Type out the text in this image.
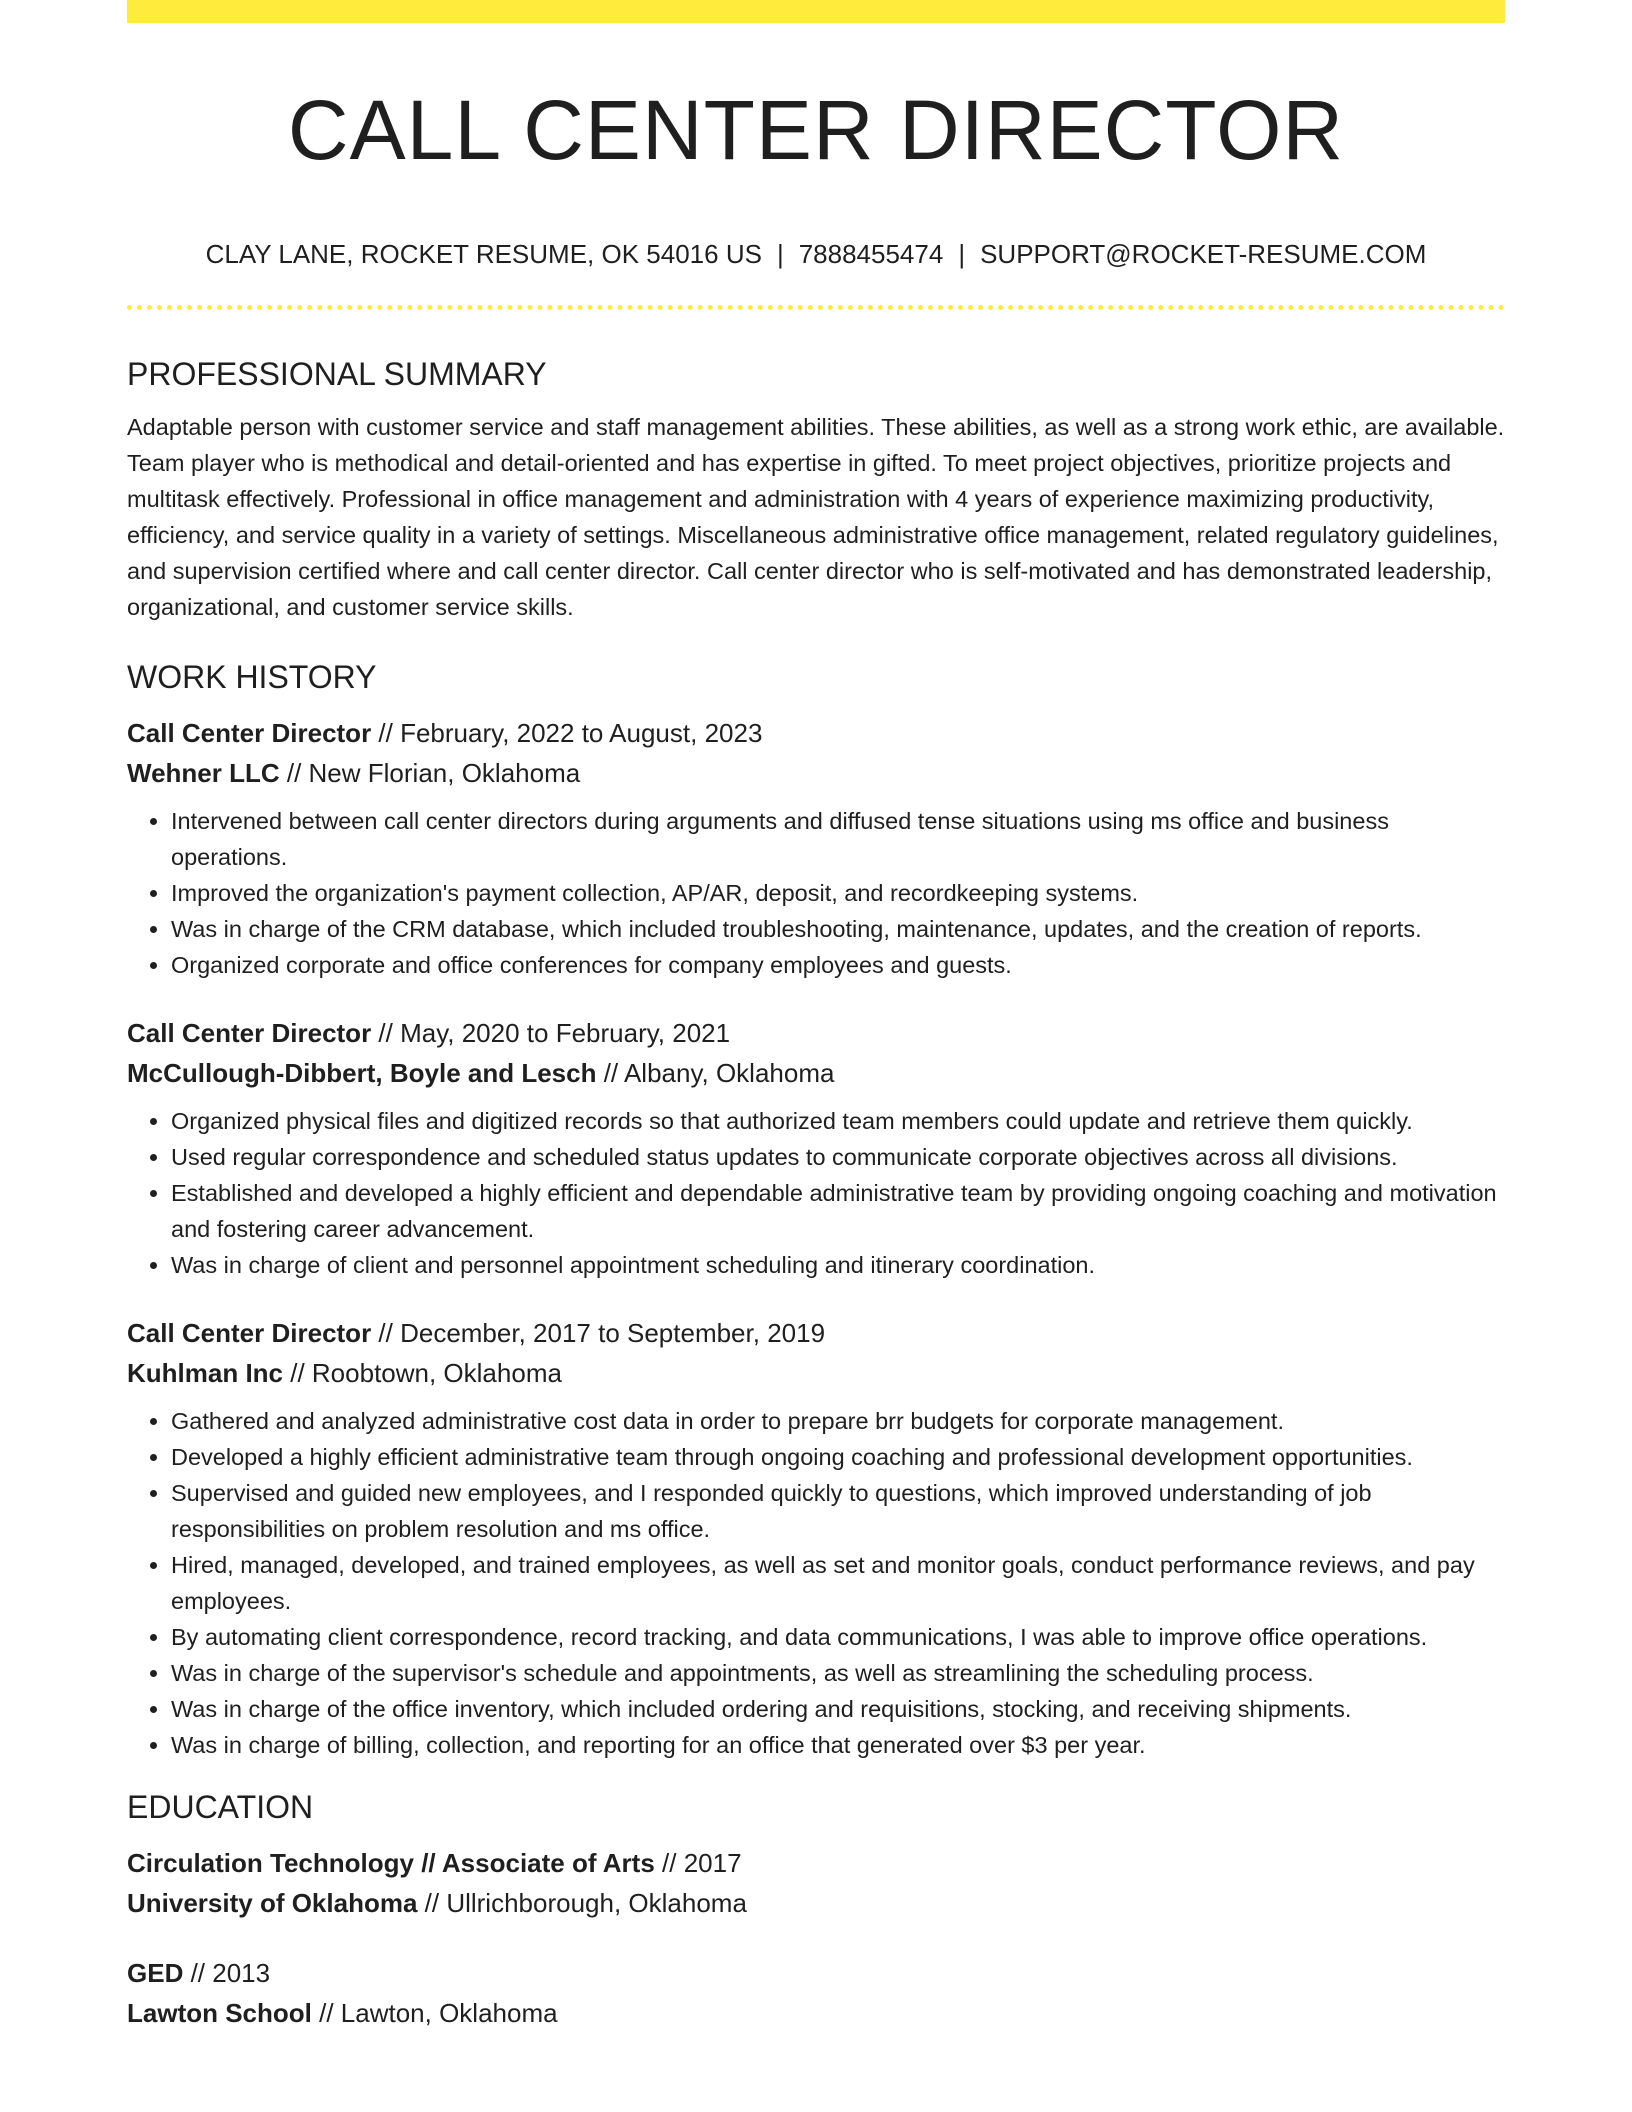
CALL CENTER DIRECTOR
CLAY LANE, ROCKET RESUME, OK 54016 US | 7888455474 | SUPPORT@ROCKET-RESUME.COM
PROFESSIONAL SUMMARY

Adaptable person with customer service and staff management abilities. These abilities, as well as a strong work ethic, are available. Team player who is methodical and detail-oriented and has expertise in gifted. To meet project objectives, prioritize projects and multitask effectively. Professional in office management and administration with 4 years of experience maximizing productivity, efficiency, and service quality in a variety of settings. Miscellaneous administrative office management, related regulatory guidelines, and supervision certified where and call center director. Call center director who is self-motivated and has demonstrated leadership, organizational, and customer service skills.

WORK HISTORY
Call Center Director // February, 2022 to August, 2023
Wehner LLC // New Florian, Oklahoma
• Intervened between call center directors during arguments and diffused tense situations using ms office and business operations.
• Improved the organization's payment collection, AP/AR, deposit, and recordkeeping systems.
• Was in charge of the CRM database, which included troubleshooting, maintenance, updates, and the creation of reports.
• Organized corporate and office conferences for company employees and guests.
Call Center Director // May, 2020 to February, 2021
McCullough-Dibbert, Boyle and Lesch // Albany, Oklahoma
• Organized physical files and digitized records so that authorized team members could update and retrieve them quickly.
• Used regular correspondence and scheduled status updates to communicate corporate objectives across all divisions.
• Established and developed a highly efficient and dependable administrative team by providing ongoing coaching and motivation and fostering career advancement.
• Was in charge of client and personnel appointment scheduling and itinerary coordination.
Call Center Director // December, 2017 to September, 2019
Kuhlman Inc // Roobtown, Oklahoma
• Gathered and analyzed administrative cost data in order to prepare brr budgets for corporate management.
• Developed a highly efficient administrative team through ongoing coaching and professional development opportunities.
• Supervised and guided new employees, and I responded quickly to questions, which improved understanding of job responsibilities on problem resolution and ms office.
• Hired, managed, developed, and trained employees, as well as set and monitor goals, conduct performance reviews, and pay employees.
• By automating client correspondence, record tracking, and data communications, I was able to improve office operations.
• Was in charge of the supervisor's schedule and appointments, as well as streamlining the scheduling process.
• Was in charge of the office inventory, which included ordering and requisitions, stocking, and receiving shipments.
• Was in charge of billing, collection, and reporting for an office that generated over $3 per year.
EDUCATION
Circulation Technology // Associate of Arts // 2017
University of Oklahoma // Ullrichborough, Oklahoma
GED // 2013
Lawton School // Lawton, Oklahoma
